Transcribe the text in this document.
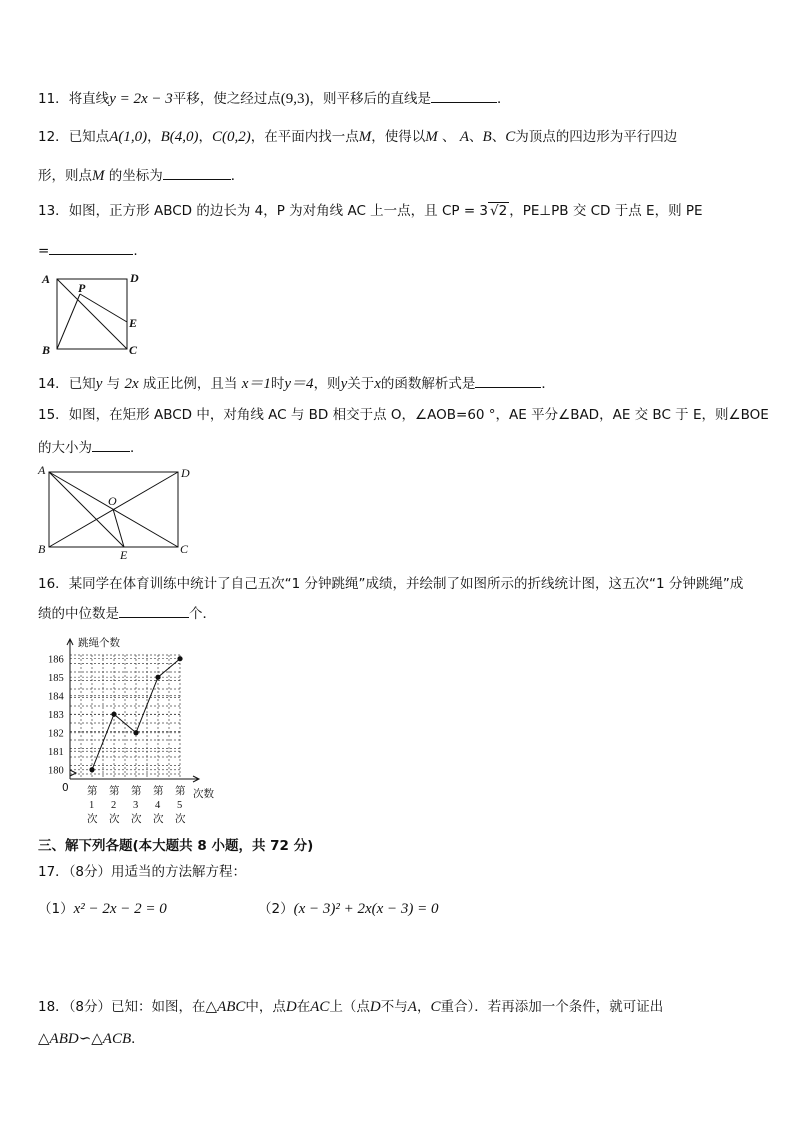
11．将直线y = 2x − 3平移，使之经过点(9,3)，则平移后的直线是	．
12．已知点A(1,0)，B(4,0)，C(0,2)，在平面内找一点M，使得以M 、 A、B、C为顶点的四边形为平行四边
形，则点M 的坐标为	．
13．如图，正方形 ABCD 的边长为 4，P 为对角线 AC 上一点，且 CP = 3 √2 ，PE⊥PB 交 CD 于点 E，则 PE
=	.
A	D
B	C
P
E
14．已知y 与 2x 成正比例，且当 x＝1时y＝4，则y关于x的函数解析式是	．
15．如图，在矩形 ABCD 中，对角线 AC 与 BD 相交于点 O，∠AOB=60 °，AE 平分∠BAD，AE 交 BC 于 E，则∠BOE
的大小为	．
A	D
B	C
O
E
16．某同学在体育训练中统计了自己五次“1 分钟跳绳”成绩，并绘制了如图所示的折线统计图，这五次“1 分钟跳绳”成
绩的中位数是	个．
180
181
182
183
184
185
186
第
1
次
第
2
次
第
3
次
第
4
次
第
5
次
跳绳个数
次数
0
三、解下列各题(本大题共 8 小题，共 72 分)
17．（8分）用适当的方法解方程：
（1）x² − 2x − 2 = 0	（2）(x − 3)² + 2x(x − 3) = 0
18．（8分）已知：如图，在△ABC中，点D在AC上（点D不与A，C重合）．若再添加一个条件，就可证出
△ABD∽△ACB．
